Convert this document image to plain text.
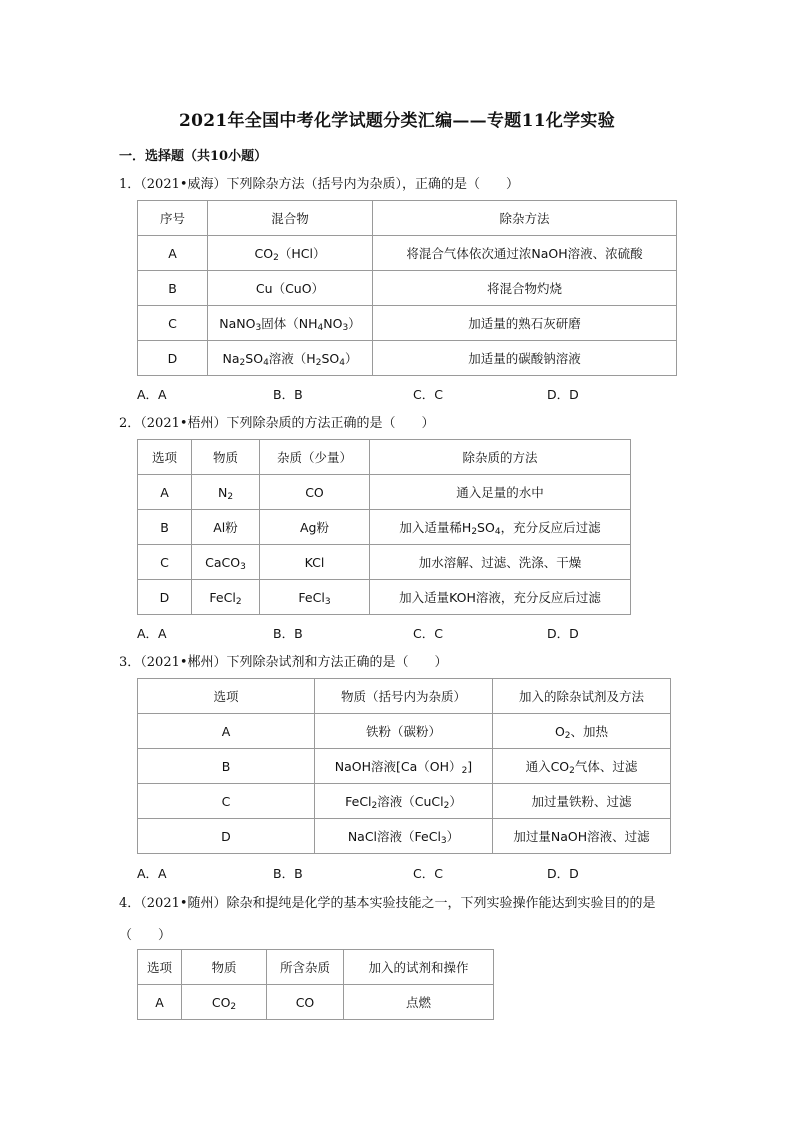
2021年全国中考化学试题分类汇编——专题11化学实验
一．选择题（共10小题）
1．（2021•威海）下列除杂方法（括号内为杂质），正确的是（　　）
序号	混合物	除杂方法
A	$CO_2(HCl)$	将混合气体依次通过浓NaOH溶液、浓硫酸
B	Cu（CuO）	将混合物灼烧
C	NaNO$_3$固体$(NH_4NO_3)$	加适量的熟石灰研磨
D	$Na_2SO_4$溶液$(H_2SO_4)$	加适量的碳酸钠溶液
A．A	B．B	C．C	D．D
2．（2021•梧州）下列除杂质的方法正确的是（　　）
选项	物质	杂质（少量）	除杂质的方法
A	$N_2$	CO	通入足量的水中
B	Al粉	Ag粉	加入适量稀$H_2SO_4$，充分反应后过滤
C	CaCO$_3$	KCl	加水溶解、过滤、洗涤、干燥
D	FeCl$_2$	FeCl$_3$	加入适量KOH溶液，充分反应后过滤
A．A	B．B	C．C	D．D
3．（2021•郴州）下列除杂试剂和方法正确的是（　　）
选项	物质（括号内为杂质）	加入的除杂试剂及方法
A	铁粉（碳粉）	$O_2$、加热
B	NaOH溶液$[Ca(OH)_2]$	通入$CO_2$气体、过滤
C	FeCl$_2$溶液（CuCl$_2$）	加过量铁粉、过滤
D	NaCl溶液（FeCl$_3$）	加过量NaOH溶液、过滤
A．A	B．B	C．C	D．D
4．（2021•随州）除杂和提纯是化学的基本实验技能之一，下列实验操作能达到实验目的的是（　　）
选项	物质	所含杂质	加入的试剂和操作
A	$CO_2$	CO	点燃
